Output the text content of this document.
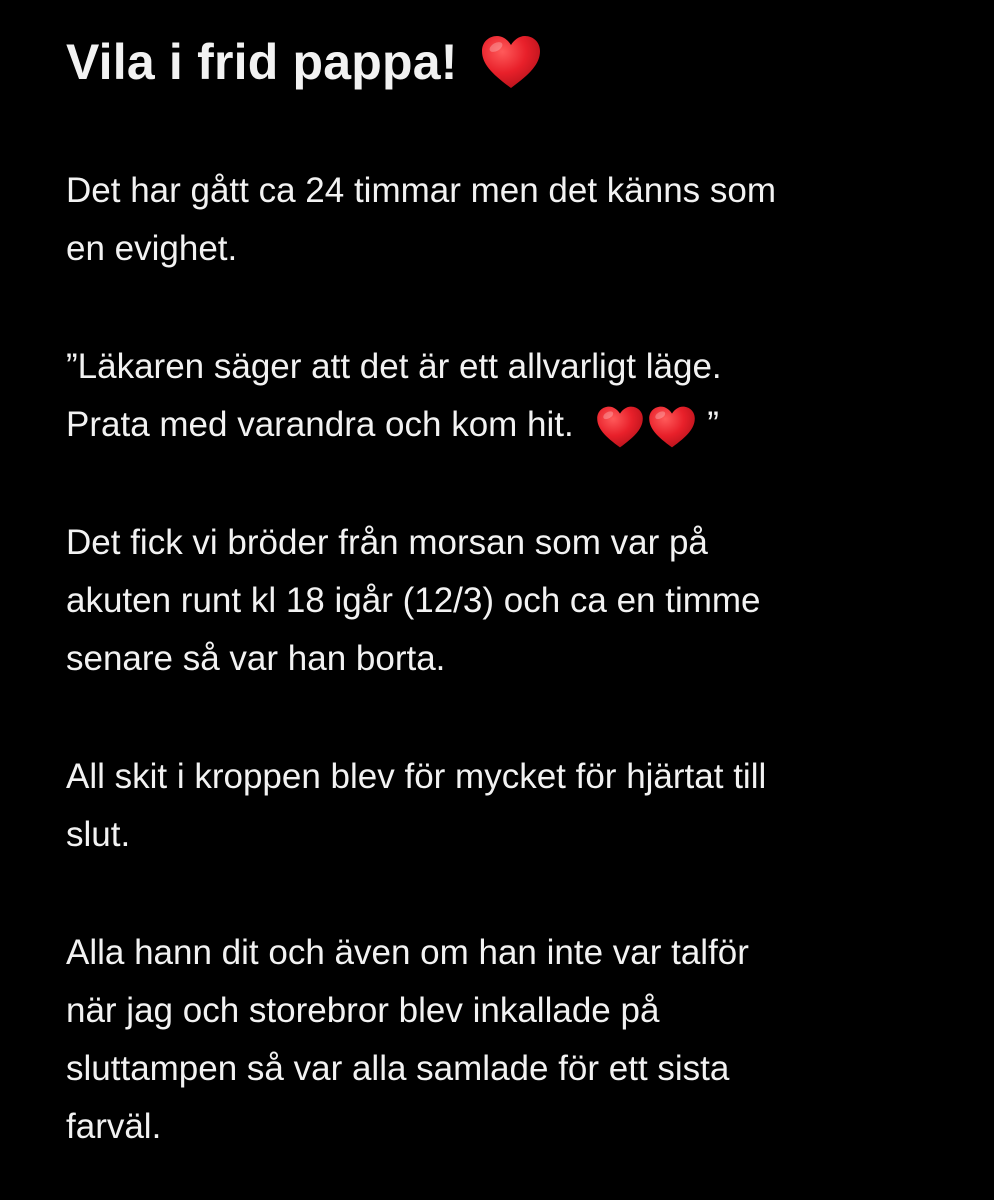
Vila i frid pappa!

Det har gått ca 24 timmar men det känns som
en evighet.

”Läkaren säger att det är ett allvarligt läge.
Prata med varandra och kom hit.	”

Det fick vi bröder från morsan som var på
akuten runt kl 18 igår (12/3) och ca en timme
senare så var han borta.

All skit i kroppen blev för mycket för hjärtat till
slut.

Alla hann dit och även om han inte var talför
när jag och storebror blev inkallade på
sluttampen så var alla samlade för ett sista
farväl.
